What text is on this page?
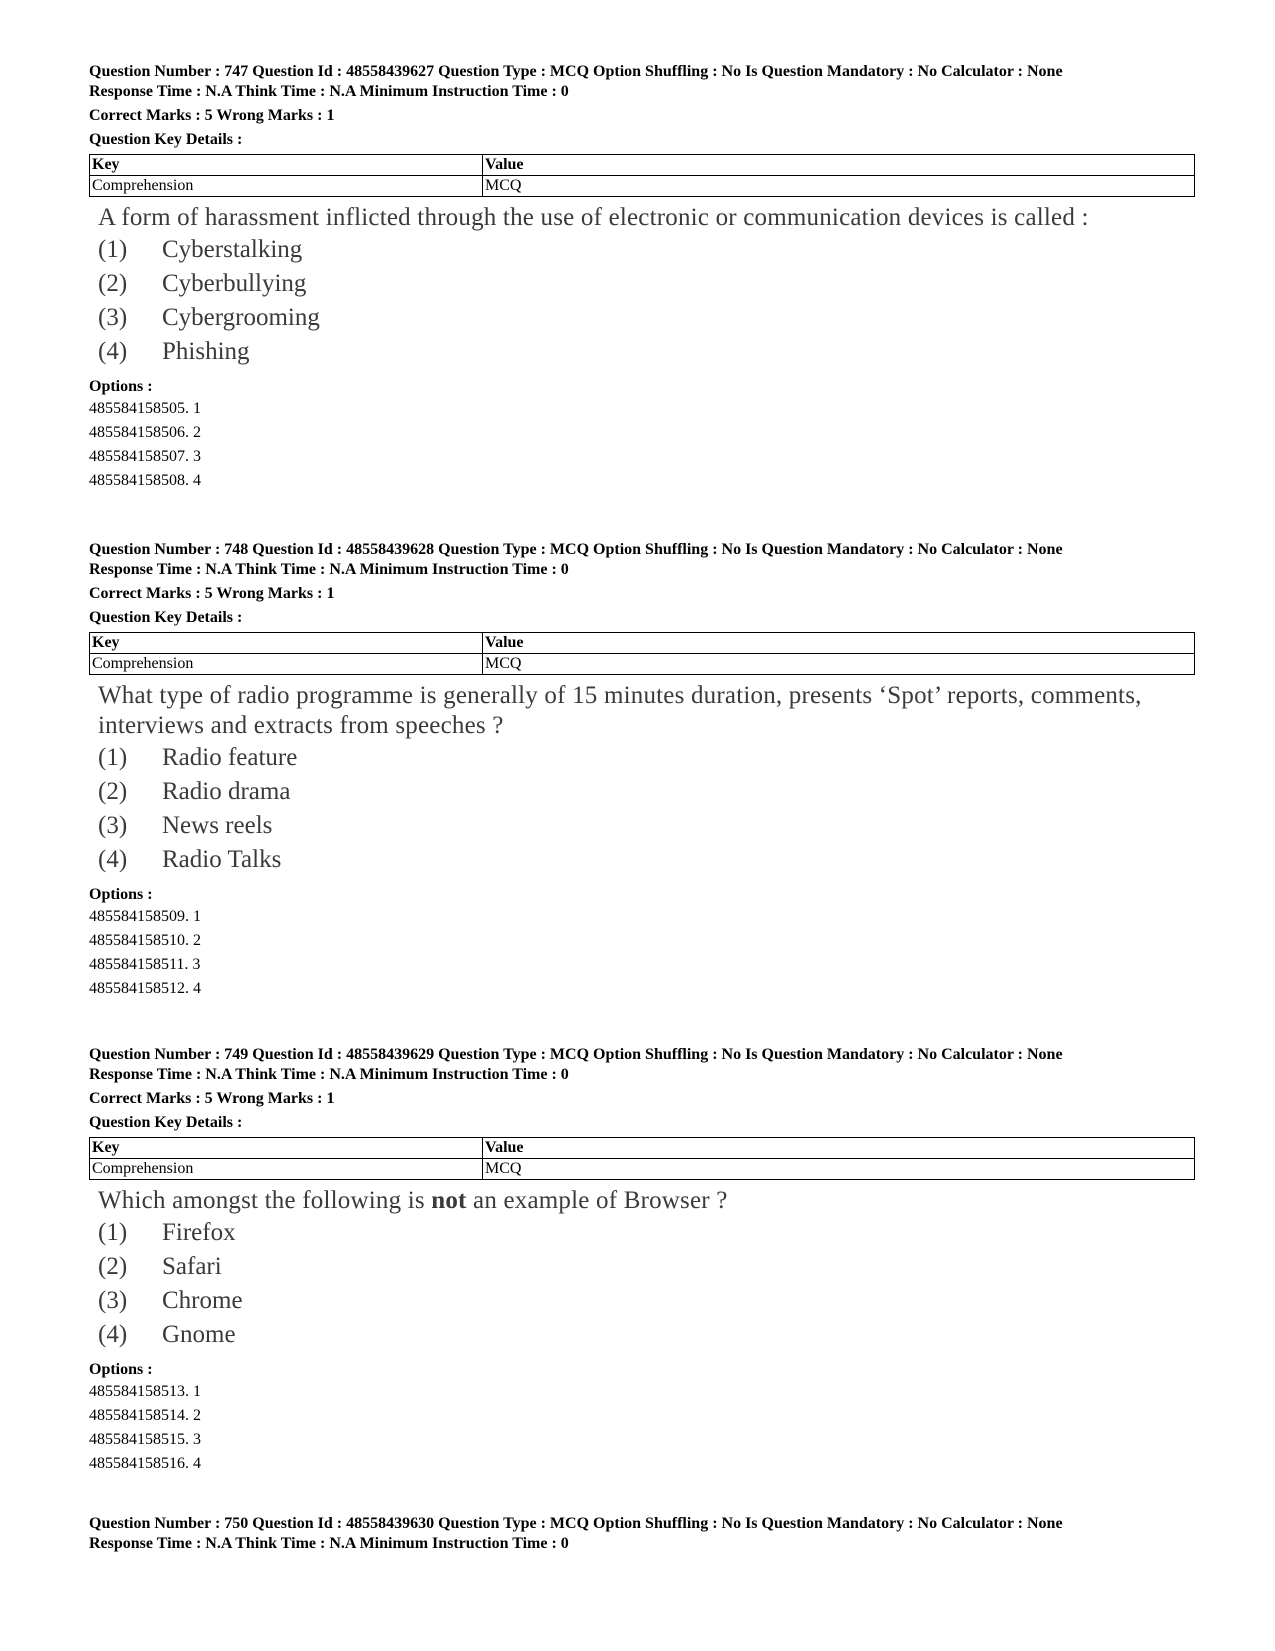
Question Number : 747 Question Id : 48558439627 Question Type : MCQ Option Shuffling : No Is Question Mandatory : No Calculator : None
Response Time : N.A Think Time : N.A Minimum Instruction Time : 0
Correct Marks : 5 Wrong Marks : 1
Question Key Details :
Key	Value
Comprehension	MCQ
A form of harassment inflicted through the use of electronic or communication devices is called :
(1)	Cyberstalking
(2)	Cyberbullying
(3)	Cybergrooming
(4)	Phishing
Options :
485584158505. 1
485584158506. 2
485584158507. 3
485584158508. 4
Question Number : 748 Question Id : 48558439628 Question Type : MCQ Option Shuffling : No Is Question Mandatory : No Calculator : None
Response Time : N.A Think Time : N.A Minimum Instruction Time : 0
Correct Marks : 5 Wrong Marks : 1
Question Key Details :
Key	Value
Comprehension	MCQ
What type of radio programme is generally of 15 minutes duration, presents ‘Spot’ reports, comments, interviews and extracts from speeches ?
(1)	Radio feature
(2)	Radio drama
(3)	News reels
(4)	Radio Talks
Options :
485584158509. 1
485584158510. 2
485584158511. 3
485584158512. 4
Question Number : 749 Question Id : 48558439629 Question Type : MCQ Option Shuffling : No Is Question Mandatory : No Calculator : None
Response Time : N.A Think Time : N.A Minimum Instruction Time : 0
Correct Marks : 5 Wrong Marks : 1
Question Key Details :
Key	Value
Comprehension	MCQ
Which amongst the following is not an example of Browser ?
(1)	Firefox
(2)	Safari
(3)	Chrome
(4)	Gnome
Options :
485584158513. 1
485584158514. 2
485584158515. 3
485584158516. 4
Question Number : 750 Question Id : 48558439630 Question Type : MCQ Option Shuffling : No Is Question Mandatory : No Calculator : None
Response Time : N.A Think Time : N.A Minimum Instruction Time : 0
